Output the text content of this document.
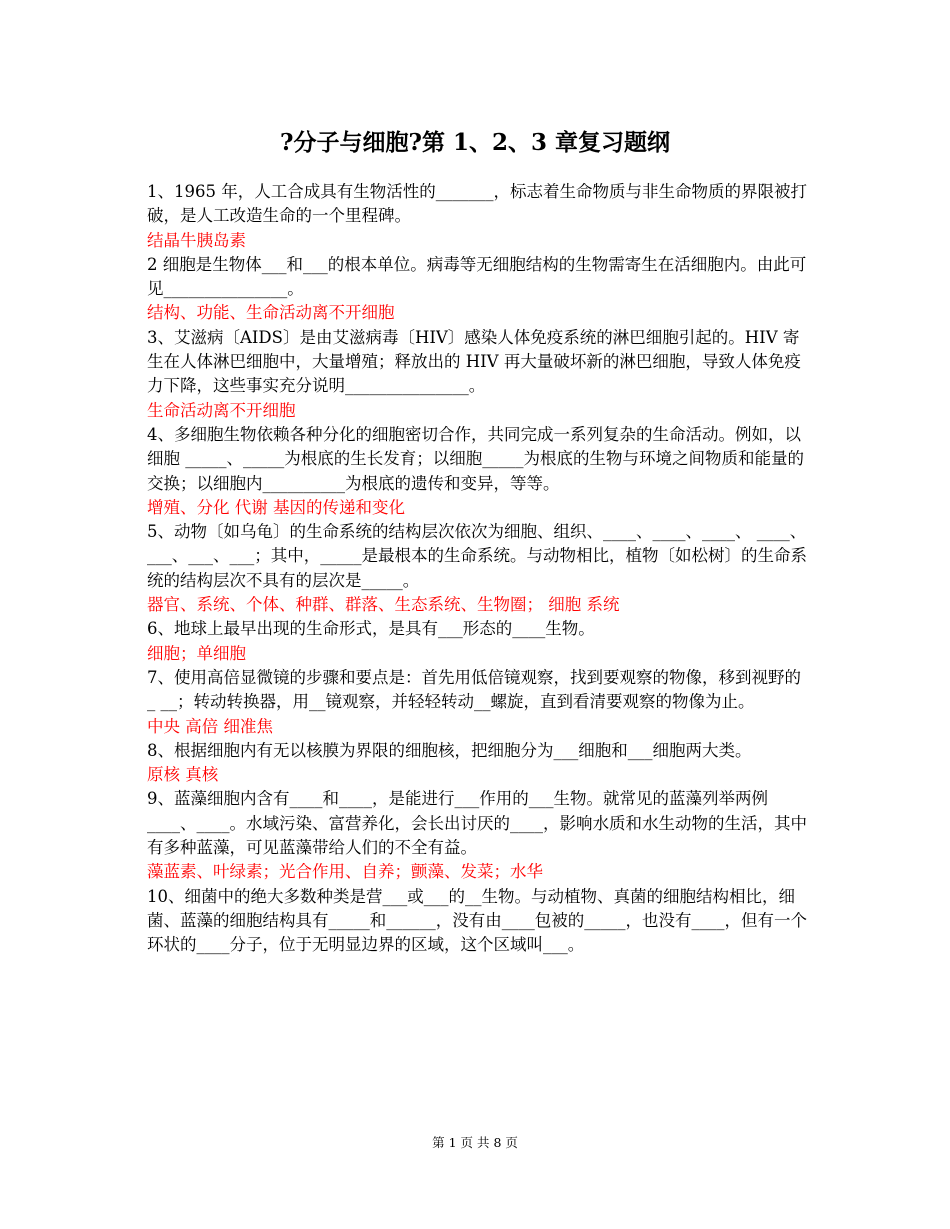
?分子与细胞?第 1、2、3 章复习题纲

1、1965 年，人工合成具有生物活性的_______，标志着生命物质与非生命物质的界限被打破，是人工改造生命的一个里程碑。

结晶牛胰岛素

2 细胞是生物体___和___的根本单位。病毒等无细胞结构的生物需寄生在活细胞内。由此可见_______________。

结构、功能、生命活动离不开细胞

3、艾滋病〔AIDS〕是由艾滋病毒〔HIV〕感染人体免疫系统的淋巴细胞引起的。HIV 寄生在人体淋巴细胞中，大量增殖；释放出的 HIV 再大量破坏新的淋巴细胞，导致人体免疫力下降，这些事实充分说明_______________。

生命活动离不开细胞

4、多细胞生物依赖各种分化的细胞密切合作，共同完成一系列复杂的生命活动。例如，以细胞 _____、_____为根底的生长发育；以细胞_____为根底的生物与环境之间物质和能量的交换；以细胞内__________为根底的遗传和变异，等等。

增殖、分化 代谢 基因的传递和变化

5、动物〔如乌龟〕的生命系统的结构层次依次为细胞、组织、____、____、____、 ____、___、___、___；其中，_____是最根本的生命系统。与动物相比，植物〔如松树〕的生命系统的结构层次不具有的层次是_____。

器官、系统、个体、种群、群落、生态系统、生物圈； 细胞 系统

6、地球上最早出现的生命形式，是具有___形态的____生物。

细胞；单细胞

7、使用高倍显微镜的步骤和要点是：首先用低倍镜观察，找到要观察的物像，移到视野的_ __；转动转换器，用__镜观察，并轻轻转动__螺旋，直到看清要观察的物像为止。

中央 高倍 细准焦

8、根据细胞内有无以核膜为界限的细胞核，把细胞分为___细胞和___细胞两大类。

原核 真核

9、蓝藻细胞内含有____和____，是能进行___作用的___生物。就常见的蓝藻列举两例____、____。水域污染、富营养化，会长出讨厌的____，影响水质和水生动物的生活，其中有多种蓝藻，可见蓝藻带给人们的不全有益。

藻蓝素、叶绿素；光合作用、自养；颤藻、发菜；水华

10、细菌中的绝大多数种类是营___或___的__生物。与动植物、真菌的细胞结构相比，细菌、蓝藻的细胞结构具有_____和______，没有由____包被的_____，也没有____，但有一个环状的____分子，位于无明显边界的区域，这个区域叫___。

第 1 页 共 8 页
